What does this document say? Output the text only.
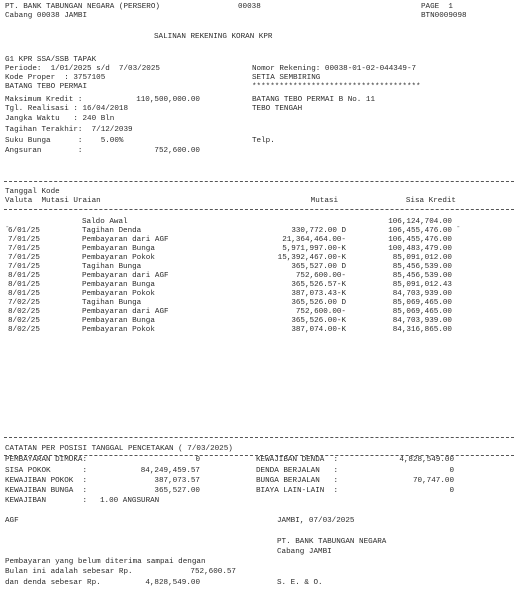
PT. BANK TABUNGAN NEGARA (PERSERO)	00038	PAGE  1
Cabang 00038 JAMBI	BTN0009098
SALINAN REKENING KORAN KPR
G1 KPR SSA/SSB TAPAK
Periode:  1/01/2025 s/d  7/03/2025	Nomor Rekening: 00038-01-02-044349-7
Kode Proper  : 3757105	SETIA SEMBIRING
BATANG TEBO PERMAI	*************************************
Maksimum Kredit :	110,500,000.00	BATANG TEBO PERMAI B No. 11
Tgl. Realisasi : 16/04/2018	TEBO TENGAH
Jangka Waktu   : 240 Bln
Tagihan Terakhir:  7/12/2039
Suku Bunga      :    5.00%	Telp.
Angsuran        :	752,600.00
Tanggal Kode
Valuta  Mutasi Uraian	Mutasi	Sisa Kredit
-	-
Saldo Awal	106,124,704.00
6/01/25	Tagihan Denda	330,772.00 D	106,455,476.00
7/01/25	Pembayaran dari AGF	21,364,464.00-	106,455,476.00
7/01/25	Pembayaran Bunga	5,971,997.00-K	100,483,479.00
7/01/25	Pembayaran Pokok	15,392,467.00-K	85,091,012.00
7/01/25	Tagihan Bunga	365,527.00 D	85,456,539.00
8/01/25	Pembayaran dari AGF	752,600.00-	85,456,539.00
8/01/25	Pembayaran Bunga	365,526.57-K	85,091,012.43
8/01/25	Pembayaran Pokok	387,073.43-K	84,703,939.00
7/02/25	Tagihan Bunga	365,526.00 D	85,069,465.00
8/02/25	Pembayaran dari AGF	752,600.00-	85,069,465.00
8/02/25	Pembayaran Bunga	365,526.00-K	84,703,939.00
8/02/25	Pembayaran Pokok	387,074.00-K	84,316,865.00
CATATAN PER POSISI TANGGAL PENCETAKAN ( 7/03/2025)
PEMBAYARAN DIMUKA:	0
SISA POKOK       :	84,249,459.57
KEWAJIBAN POKOK  :	387,073.57
KEWAJIBAN BUNGA  :	365,527.00
KEWAJIBAN        : 1.00 ANGSURAN
KEWAJIBAN DENDA  :	4,828,549.00
DENDA BERJALAN   :	0
BUNGA BERJALAN   :	70,747.00
BIAYA LAIN-LAIN  :	0
AGF	JAMBI, 07/03/2025
PT. BANK TABUNGAN NEGARA
Cabang JAMBI
Pembayaran yang belum diterima sampai dengan
Bulan ini adalah sebesar Rp.	752,600.57
dan denda sebesar Rp.	4,828,549.00	S. E. & O.
